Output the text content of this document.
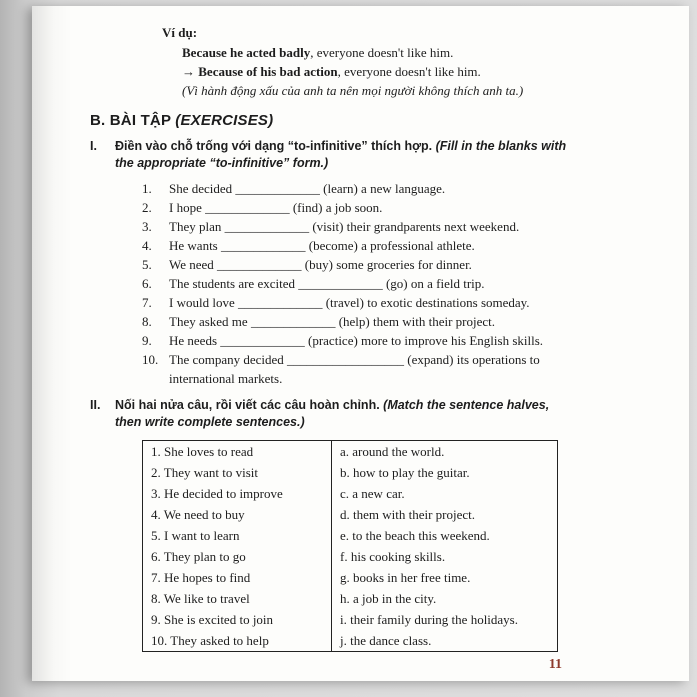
Ví dụ:

Because he acted badly, everyone doesn't like him.

→ Because of his bad action, everyone doesn't like him.

(Vì hành động xấu của anh ta nên mọi người không thích anh ta.)

B. BÀI TẬP (EXERCISES)
I.	Điền vào chỗ trống với dạng “to-infinitive” thích hợp. (Fill in the blanks with the appropriate “to-infinitive” form.)
1. She decided _____________ (learn) a new language.
2. I hope _____________ (find) a job soon.
3. They plan _____________ (visit) their grandparents next weekend.
4. He wants _____________ (become) a professional athlete.
5. We need _____________ (buy) some groceries for dinner.
6. The students are excited _____________ (go) on a field trip.
7. I would love _____________ (travel) to exotic destinations someday.
8. They asked me _____________ (help) them with their project.
9. He needs _____________ (practice) more to improve his English skills.
10. The company decided __________________ (expand) its operations to international markets.
II.	Nối hai nửa câu, rồi viết các câu hoàn chỉnh. (Match the sentence halves, then write complete sentences.)
1. She loves to read	a. around the world.
2. They want to visit	b. how to play the guitar.
3. He decided to improve	c. a new car.
4. We need to buy	d. them with their project.
5. I want to learn	e. to the beach this weekend.
6. They plan to go	f. his cooking skills.
7. He hopes to find	g. books in her free time.
8. We like to travel	h. a job in the city.
9. She is excited to join	i. their family during the holidays.
10. They asked to help	j. the dance class.
11
